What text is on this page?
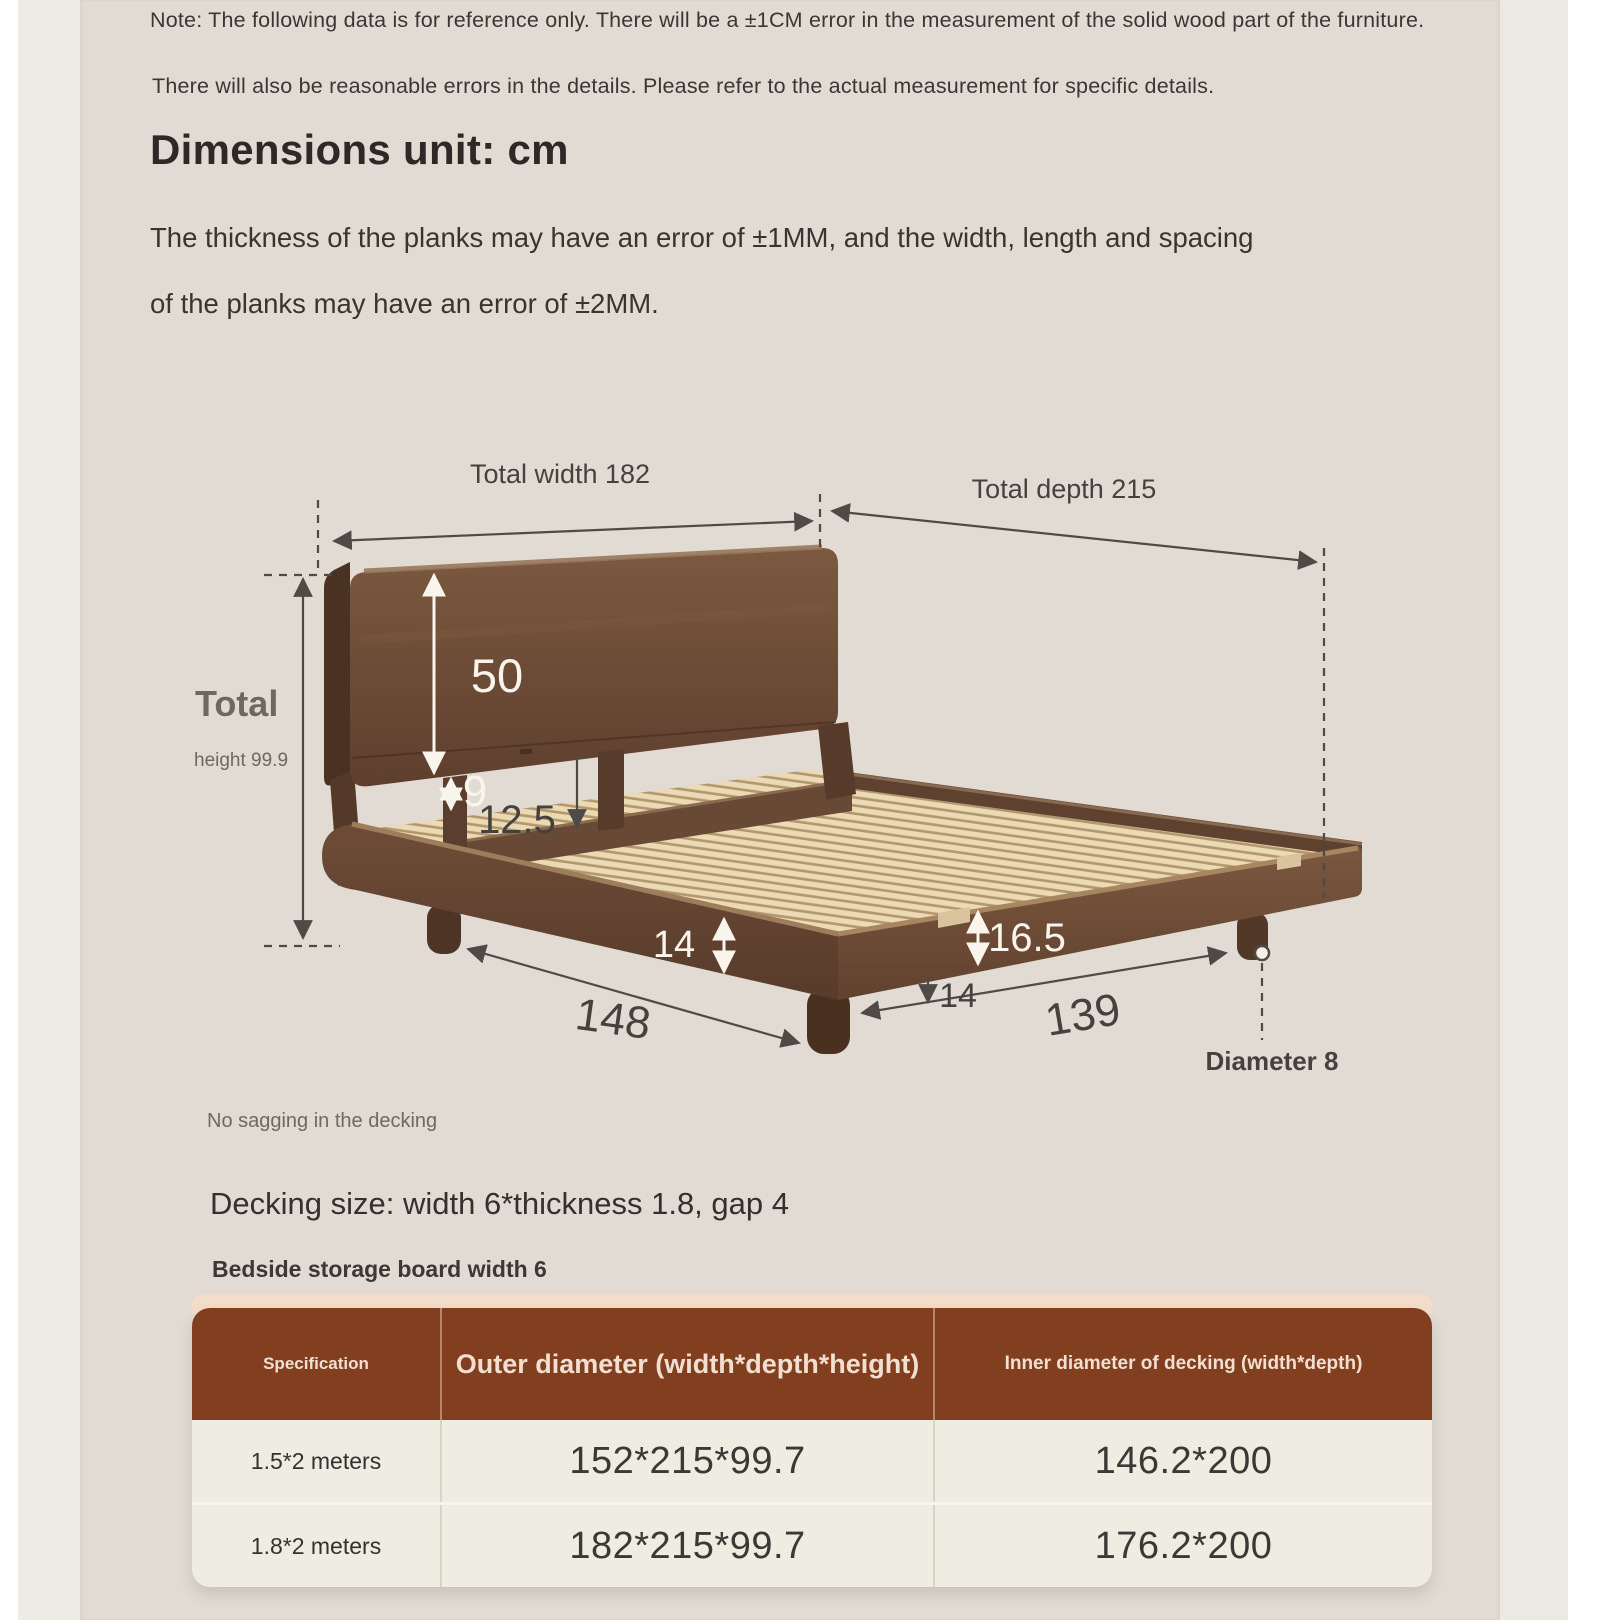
Note: The following data is for reference only. There will be a ±1CM error in the measurement of the solid wood part of the furniture.
There will also be reasonable errors in the details. Please refer to the actual measurement for specific details.
Dimensions unit: cm
The thickness of the planks may have an error of ±1MM, and the width, length and spacing
of the planks may have an error of ±2MM.
Total width 182	Total depth 215
Total
height 99.9
50
9
12.5
14
148
16.5
14 139
Diameter 8
No sagging in the decking
Decking size: width 6*thickness 1.8, gap 4
Bedside storage board width 6
Specification	Outer diameter (width*depth*height)	Inner diameter of decking (width*depth)
1.5*2 meters	152*215*99.7	146.2*200
1.8*2 meters	182*215*99.7	176.2*200
